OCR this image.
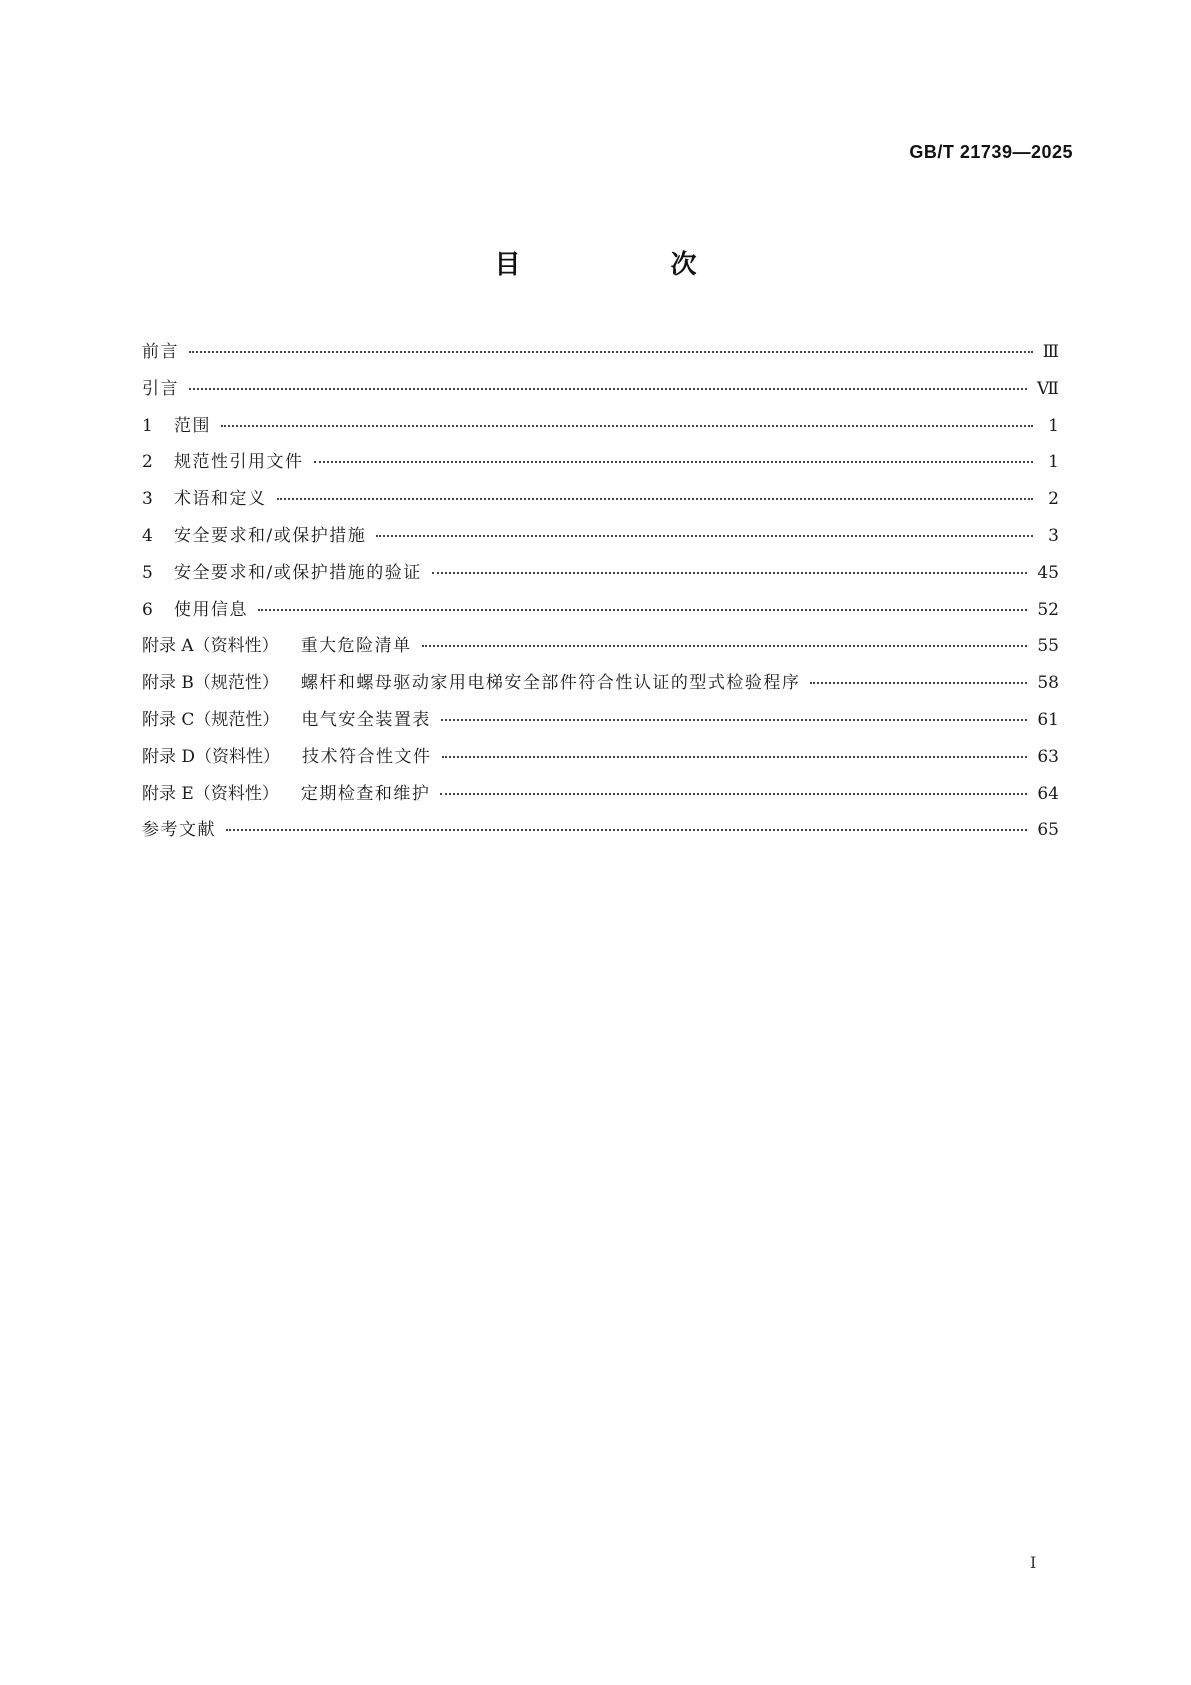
GB/T 21739—2025
目　次
前言	Ⅲ
引言	Ⅶ
1	范围	1
2	规范性引用文件	1
3	术语和定义	2
4	安全要求和/或保护措施	3
5	安全要求和/或保护措施的验证	45
6	使用信息	52
附录 A（资料性）	重大危险清单	55
附录 B（规范性）	螺杆和螺母驱动家用电梯安全部件符合性认证的型式检验程序	58
附录 C（规范性）	电气安全装置表	61
附录 D（资料性）	技术符合性文件	63
附录 E（资料性）	定期检查和维护	64
参考文献	65
I
